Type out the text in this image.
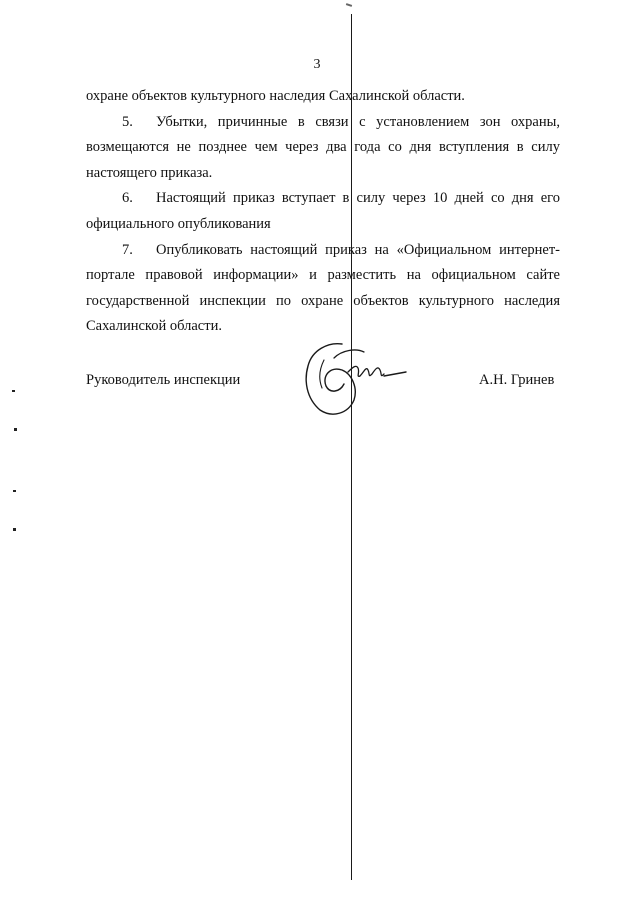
3

охране объектов культурного наследия Сахалинской области.

5. Убытки, причинные в связи с установлением зон охраны, возмещаются не позднее чем через два года со дня вступления в силу настоящего приказа.

6. Настоящий приказ вступает в силу через 10 дней со дня его официального опубликования

7. Опубликовать настоящий приказ на «Официальном интернет-портале правовой информации» и разместить на официальном сайте государственной инспекции по охране объектов культурного наследия Сахалинской области.

Руководитель инспекции	А.Н. Гринев
